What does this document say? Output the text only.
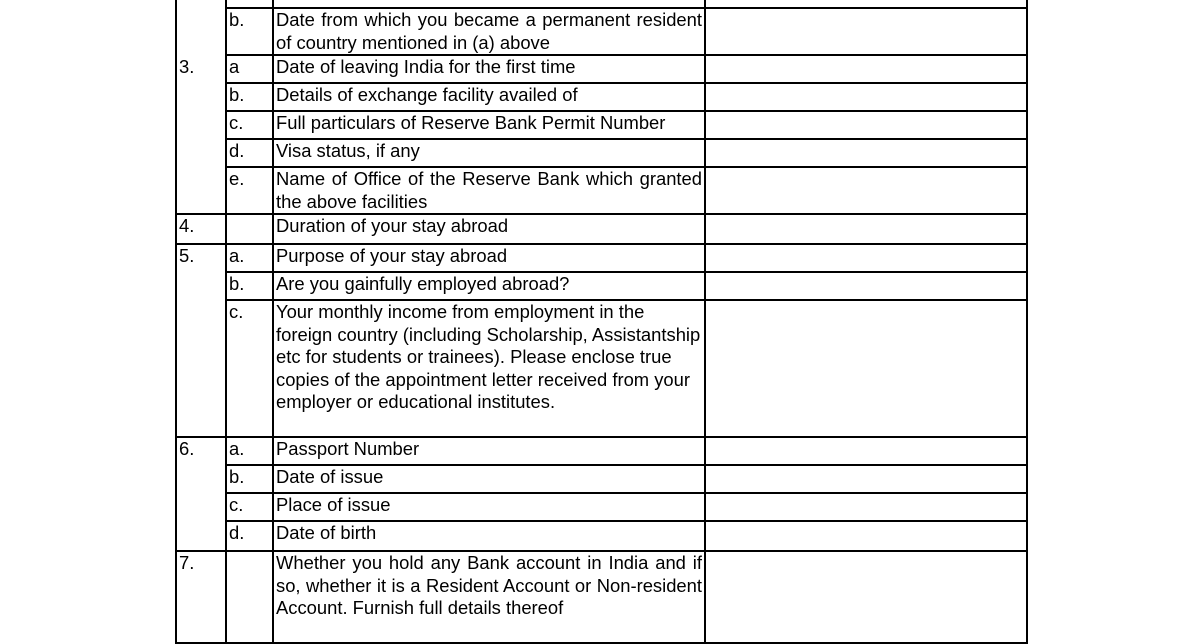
	b.	Date from which you became a permanent resident of country mentioned in (a) above	
3.	a	Date of leaving India for the first time	
	b.	Details of exchange facility availed of	
	c.	Full particulars of Reserve Bank Permit Number	
	d.	Visa status, if any	
	e.	Name of Office of the Reserve Bank which granted the above facilities	
4.		Duration of your stay abroad	
5.	a.	Purpose of your stay abroad	
	b.	Are you gainfully employed abroad?	
	c.	Your monthly income from employment in the foreign country (including Scholarship, Assistantship etc for students or trainees). Please enclose true copies of the appointment letter received from your employer or educational institutes.	
6.	a.	Passport Number	
	b.	Date of issue	
	c.	Place of issue	
	d.	Date of birth	
7.		Whether you hold any Bank account in India and if so, whether it is a Resident Account or Non-resident Account. Furnish full details thereof	
